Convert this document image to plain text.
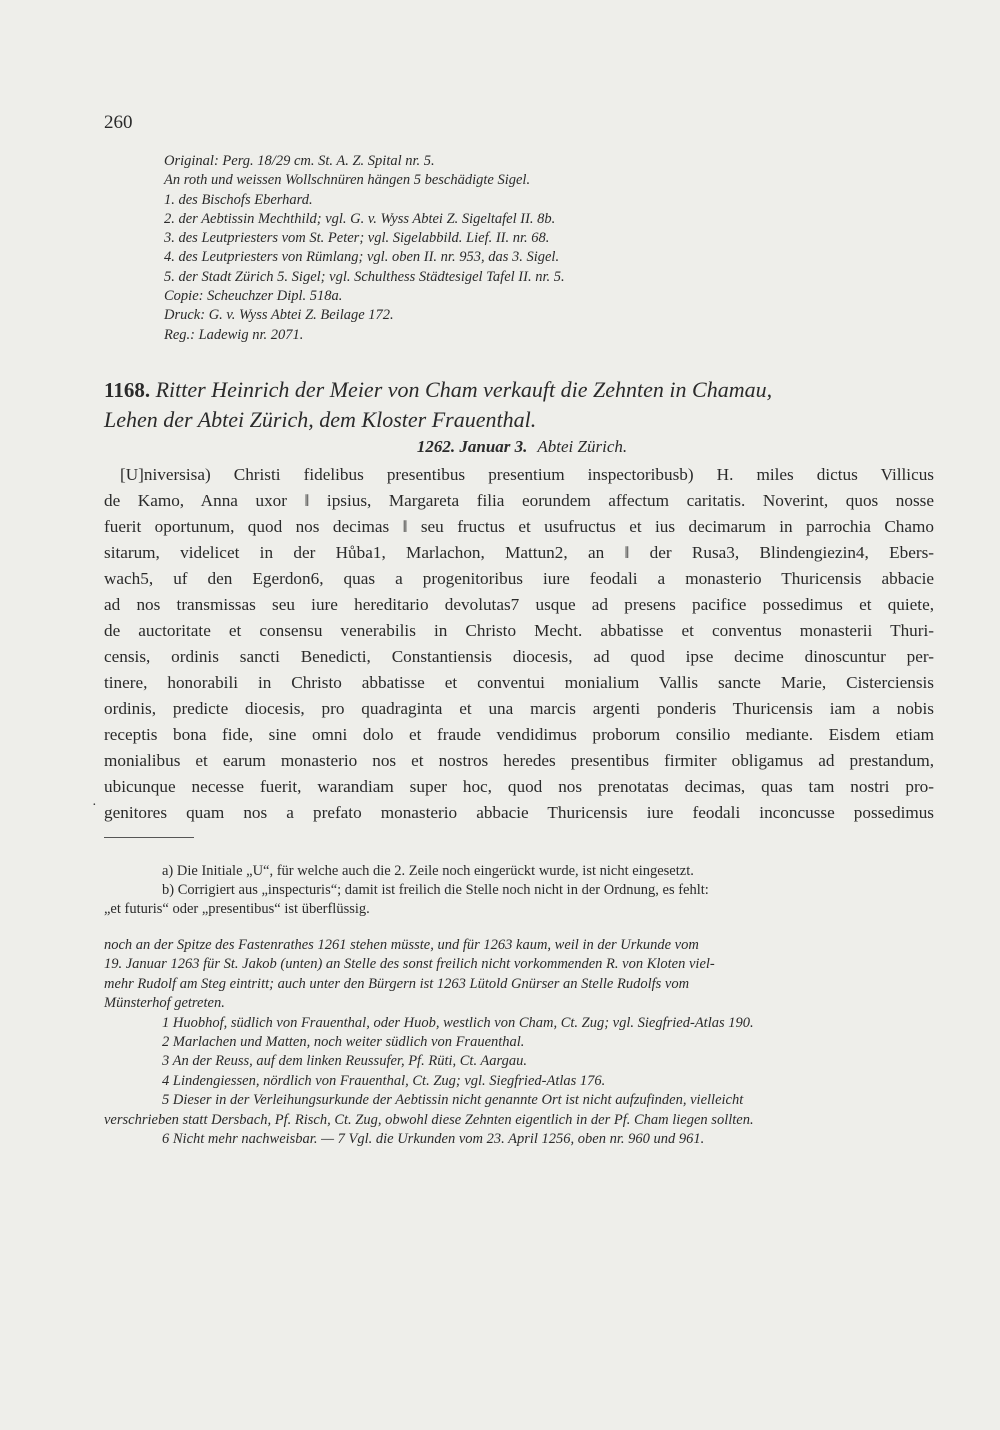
260
Original: Perg. 18/29 cm. St. A. Z. Spital nr. 5.
An roth und weissen Wollschnüren hängen 5 beschädigte Sigel.
1. des Bischofs Eberhard.
2. der Aebtissin Mechthild; vgl. G. v. Wyss Abtei Z. Sigeltafel II. 8b.
3. des Leutpriesters vom St. Peter; vgl. Sigelabbild. Lief. II. nr. 68.
4. des Leutpriesters von Rümlang; vgl. oben II. nr. 953, das 3. Sigel.
5. der Stadt Zürich 5. Sigel; vgl. Schulthess Städtesigel Tafel II. nr. 5.
Copie: Scheuchzer Dipl. 518a.
Druck: G. v. Wyss Abtei Z. Beilage 172.
Reg.: Ladewig nr. 2071.
1168. Ritter Heinrich der Meier von Cham verkauft die Zehnten in Chamau,
Lehen der Abtei Zürich, dem Kloster Frauenthal.
1262. Januar 3. Abtei Zürich.
[U]niversisa) Christi fidelibus presentibus presentium inspectoribusb) H. miles dictus Villicus
de Kamo, Anna uxor ‖ ipsius, Margareta filia eorundem affectum caritatis. Noverint, quos nosse
fuerit oportunum, quod nos decimas ‖ seu fructus et usufructus et ius decimarum in parrochia Chamo
sitarum, videlicet in der Hůba1, Marlachon, Mattun2, an ‖ der Rusa3, Blindengiezin4, Ebers-
wach5, uf den Egerdon6, quas a progenitoribus iure feodali a monasterio Thuricensis abbacie
ad nos transmissas seu iure hereditario devolutas7 usque ad presens pacifice possedimus et quiete,
de auctoritate et consensu venerabilis in Christo Mecht. abbatisse et conventus monasterii Thuri-
censis, ordinis sancti Benedicti, Constantiensis diocesis, ad quod ipse decime dinoscuntur per-
tinere, honorabili in Christo abbatisse et conventui monialium Vallis sancte Marie, Cisterciensis
ordinis, predicte diocesis, pro quadraginta et una marcis argenti ponderis Thuricensis iam a nobis
receptis bona fide, sine omni dolo et fraude vendidimus proborum consilio mediante. Eisdem etiam
monialibus et earum monasterio nos et nostros heredes presentibus firmiter obligamus ad prestandum,
ubicunque necesse fuerit, warandiam super hoc, quod nos prenotatas decimas, quas tam nostri pro-
genitores quam nos a prefato monasterio abbacie Thuricensis iure feodali inconcusse possedimus
·
a) Die Initiale „U“, für welche auch die 2. Zeile noch eingerückt wurde, ist nicht eingesetzt.
b) Corrigiert aus „inspecturis“; damit ist freilich die Stelle noch nicht in der Ordnung, es fehlt:
„et futuris“ oder „presentibus“ ist überflüssig.
noch an der Spitze des Fastenrathes 1261 stehen müsste, und für 1263 kaum, weil in der Urkunde vom
19. Januar 1263 für St. Jakob (unten) an Stelle des sonst freilich nicht vorkommenden R. von Kloten viel-
mehr Rudolf am Steg eintritt; auch unter den Bürgern ist 1263 Lütold Gnürser an Stelle Rudolfs vom
Münsterhof getreten.
1 Huobhof, südlich von Frauenthal, oder Huob, westlich von Cham, Ct. Zug; vgl. Siegfried-Atlas 190.
2 Marlachen und Matten, noch weiter südlich von Frauenthal.
3 An der Reuss, auf dem linken Reussufer, Pf. Rüti, Ct. Aargau.
4 Lindengiessen, nördlich von Frauenthal, Ct. Zug; vgl. Siegfried-Atlas 176.
5 Dieser in der Verleihungsurkunde der Aebtissin nicht genannte Ort ist nicht aufzufinden, vielleicht
verschrieben statt Dersbach, Pf. Risch, Ct. Zug, obwohl diese Zehnten eigentlich in der Pf. Cham liegen sollten.
6 Nicht mehr nachweisbar. — 7 Vgl. die Urkunden vom 23. April 1256, oben nr. 960 und 961.
